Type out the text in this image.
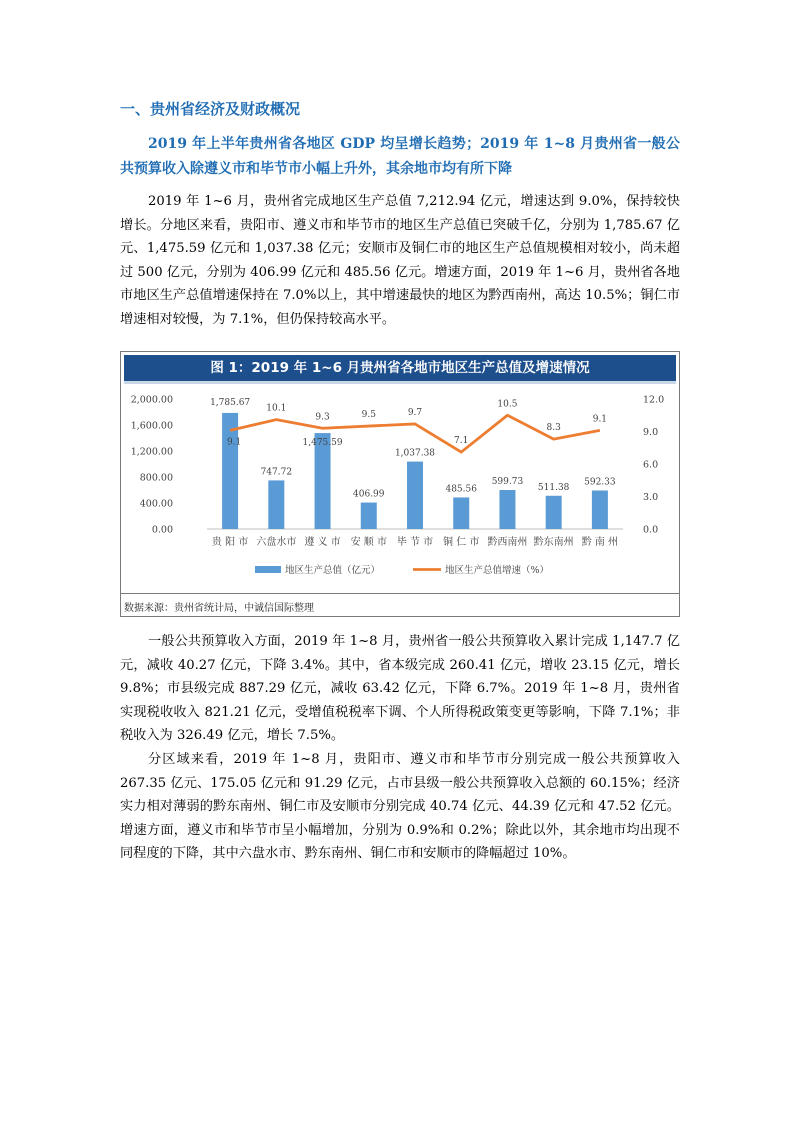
一、贵州省经济及财政概况
2019 年上半年贵州省各地区 GDP 均呈增长趋势；2019 年 1~8 月贵州省一般公共预算收入除遵义市和毕节市小幅上升外，其余地市均有所下降

2019 年 1~6 月，贵州省完成地区生产总值 7,212.94 亿元，增速达到 9.0%，保持较快增长。分地区来看，贵阳市、遵义市和毕节市的地区生产总值已突破千亿，分别为 1,785.67 亿元、1,475.59 亿元和 1,037.38 亿元；安顺市及铜仁市的地区生产总值规模相对较小，尚未超过 500 亿元，分别为 406.99 亿元和 485.56 亿元。增速方面，2019 年 1~6 月，贵州省各地市地区生产总值增速保持在 7.0%以上，其中增速最快的地区为黔西南州，高达 10.5%；铜仁市增速相对较慢，为 7.1%，但仍保持较高水平。

图 1：2019 年 1~6 月贵州省各地市地区生产总值及增速情况
0.00
400.00
800.00
1,200.00
1,600.00
2,000.00
0.0
3.0
6.0
9.0
12.0
1,785.67
747.72
1,475.59
406.99
1,037.38
485.56
599.73
511.38
592.33
9.1
10.1
9.3	9.5	9.7
7.1
10.5
8.3
9.1
贵 阳 市 六盘水市 遵 义 市 安 顺 市 毕 节 市 铜 仁 市 黔西南州 黔东南州 黔 南 州
地区生产总值（亿元）	地区生产总值增速（%）
数据来源：贵州省统计局，中诚信国际整理

一般公共预算收入方面，2019 年 1~8 月，贵州省一般公共预算收入累计完成 1,147.7 亿元，减收 40.27 亿元，下降 3.4%。其中，省本级完成 260.41 亿元，增收 23.15 亿元，增长 9.8%；市县级完成 887.29 亿元，减收 63.42 亿元，下降 6.7%。2019 年 1~8 月，贵州省实现税收收入 821.21 亿元，受增值税税率下调、个人所得税政策变更等影响，下降 7.1%；非税收入为 326.49 亿元，增长 7.5%。

分区域来看，2019 年 1~8 月，贵阳市、遵义市和毕节市分别完成一般公共预算收入 267.35 亿元、175.05 亿元和 91.29 亿元，占市县级一般公共预算收入总额的 60.15%；经济实力相对薄弱的黔东南州、铜仁市及安顺市分别完成 40.74 亿元、44.39 亿元和 47.52 亿元。增速方面，遵义市和毕节市呈小幅增加，分别为 0.9%和 0.2%；除此以外，其余地市均出现不同程度的下降，其中六盘水市、黔东南州、铜仁市和安顺市的降幅超过 10%。
